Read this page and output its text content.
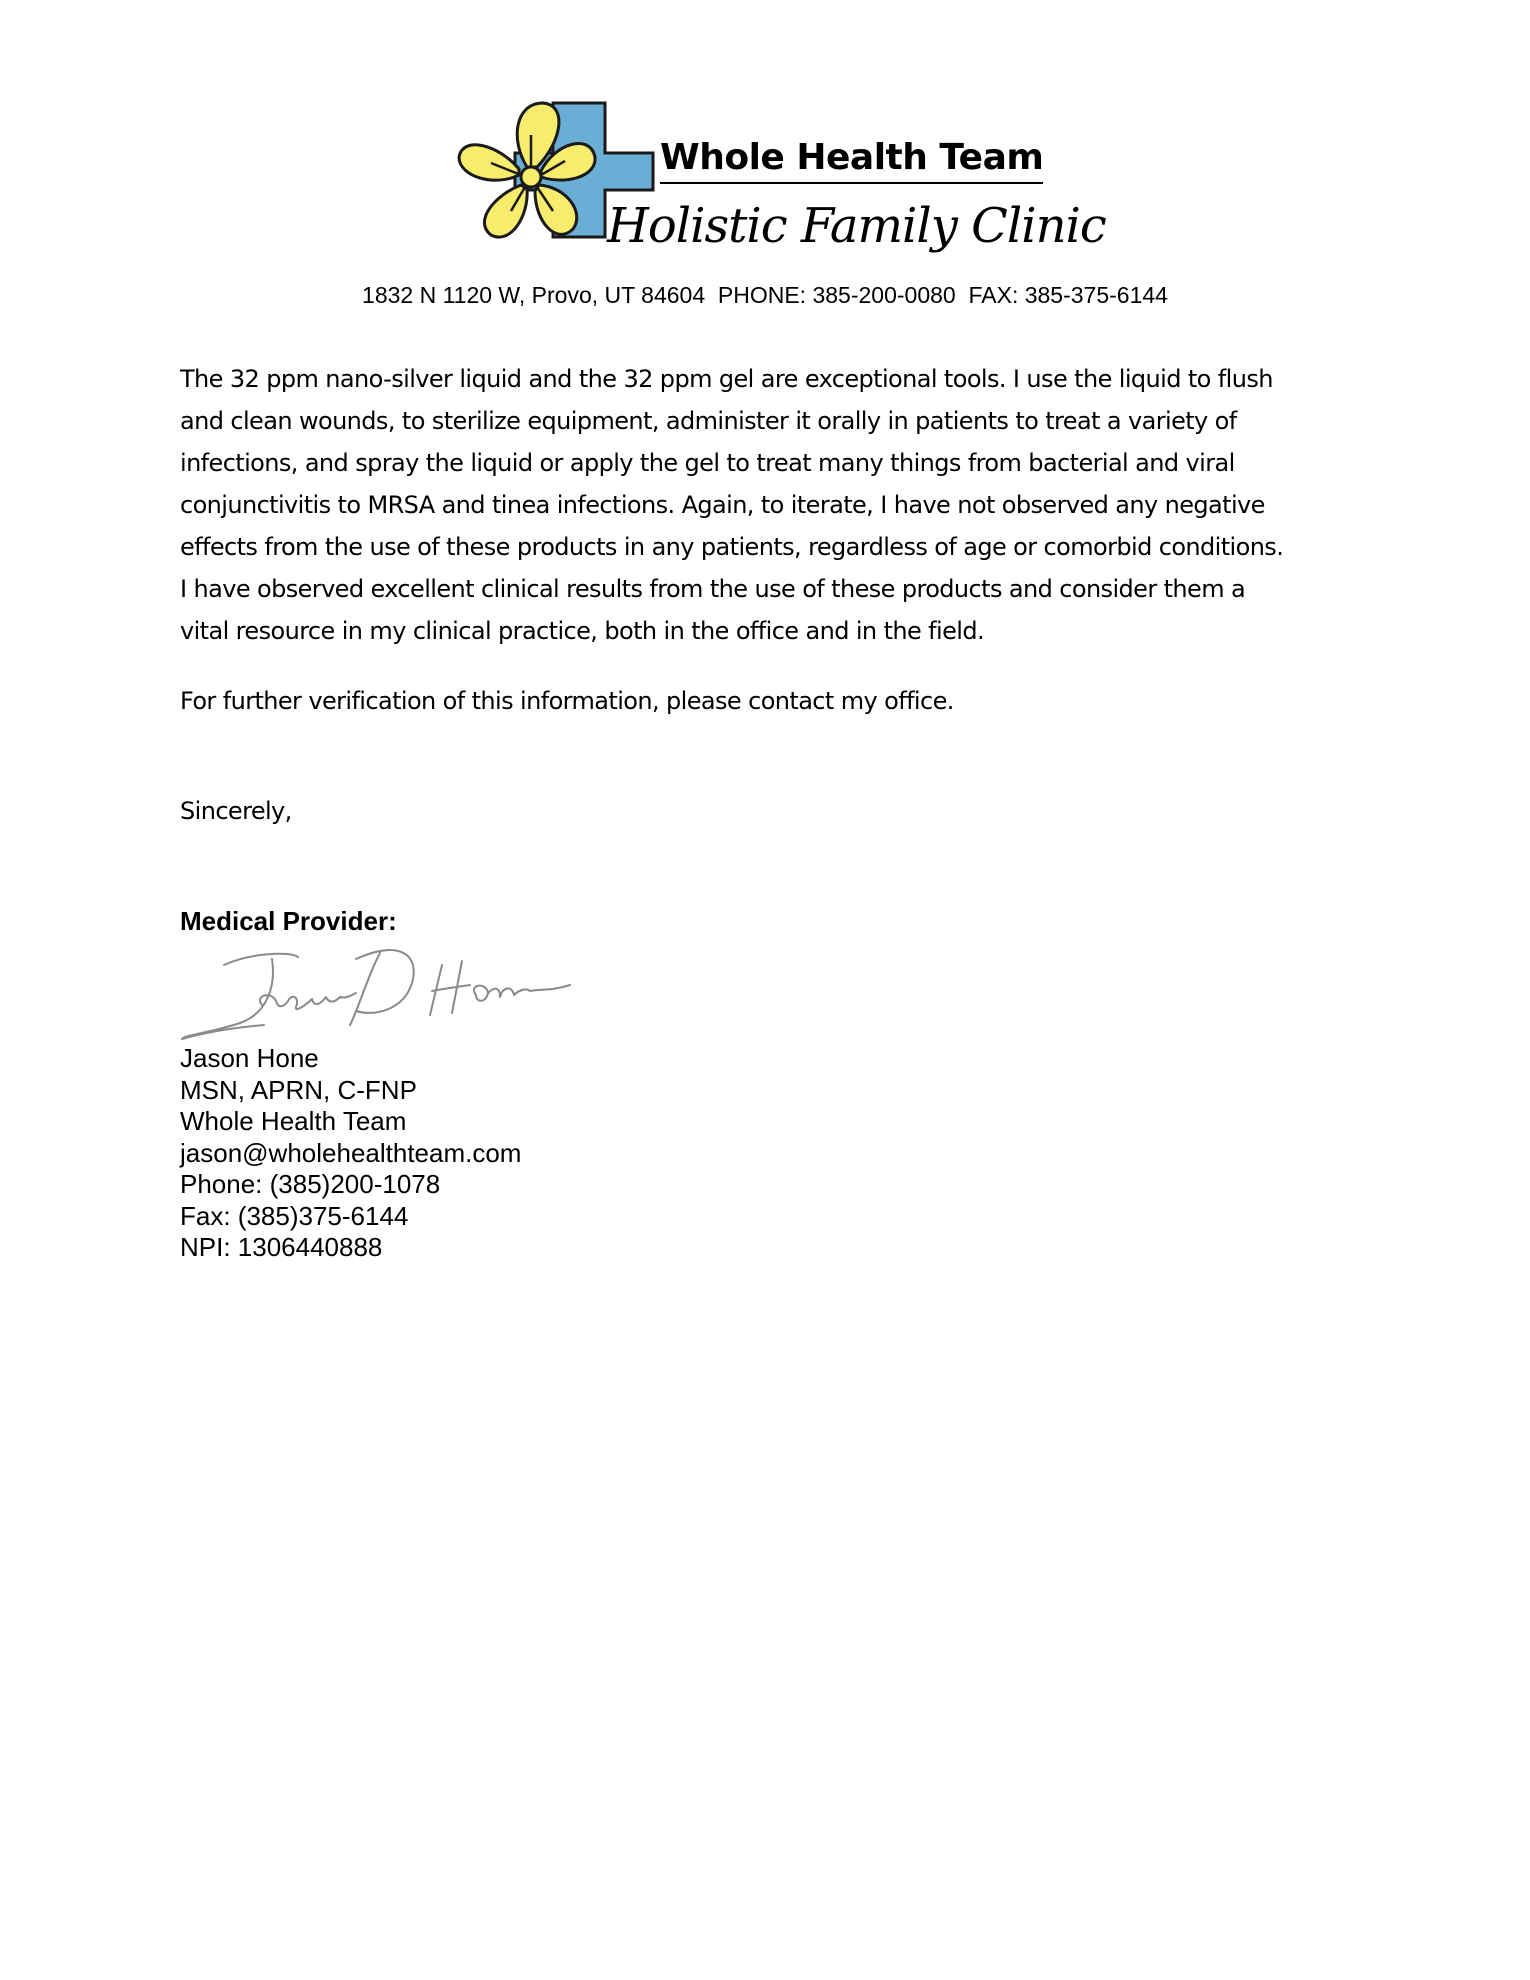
Whole Health Team
Holistic Family Clinic
1832 N 1120 W, Provo, UT 84604  PHONE: 385-200-0080  FAX: 385-375-6144
The 32 ppm nano-silver liquid and the 32 ppm gel are exceptional tools. I use the liquid to flush
and clean wounds, to sterilize equipment, administer it orally in patients to treat a variety of
infections, and spray the liquid or apply the gel to treat many things from bacterial and viral
conjunctivitis to MRSA and tinea infections. Again, to iterate, I have not observed any negative
effects from the use of these products in any patients, regardless of age or comorbid conditions.
I have observed excellent clinical results from the use of these products and consider them a
vital resource in my clinical practice, both in the office and in the field.
For further verification of this information, please contact my office.
Sincerely,
Medical Provider:
Jason Hone
MSN, APRN, C-FNP
Whole Health Team
jason@wholehealthteam.com
Phone: (385)200-1078
Fax: (385)375-6144
NPI: 1306440888
